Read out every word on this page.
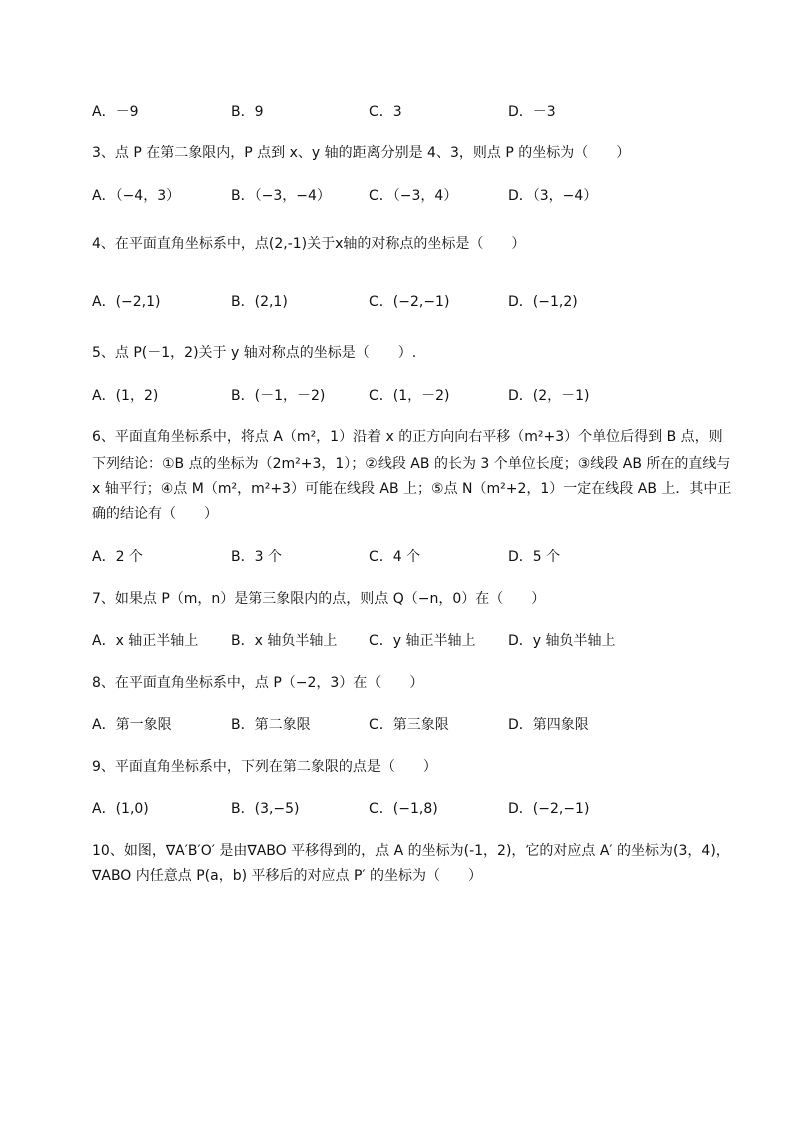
A．－9	B．9	C．3	D．－3
3、点 P 在第二象限内，P 点到 x、y 轴的距离分别是 4、3，则点 P 的坐标为（　　）
A．（−4，3）	B．（−3，−4）	C．（−3，4）	D．（3，−4）
4、在平面直角坐标系中，点(2,-1)关于x轴的对称点的坐标是（　　）
A．(−2,1)	B．(2,1)	C．(−2,−1)	D．(−1,2)
5、点 P(－1，2)关于 y 轴对称点的坐标是（　　）.
A．(1，2)	B．(－1，－2)	C．(1，－2)	D．(2，－1)
6、平面直角坐标系中，将点 A（m²，1）沿着 x 的正方向向右平移（m²+3）个单位后得到 B 点，则
下列结论：①B 点的坐标为（2m²+3，1）；②线段 AB 的长为 3 个单位长度；③线段 AB 所在的直线与
x 轴平行；④点 M（m²，m²+3）可能在线段 AB 上；⑤点 N（m²+2，1）一定在线段 AB 上．其中正
确的结论有（　　）
A．2 个	B．3 个	C．4 个	D．5 个
7、如果点 P（m，n）是第三象限内的点，则点 Q（−n，0）在（　　）
A．x 轴正半轴上 B．x 轴负半轴上 C．y 轴正半轴上 D．y 轴负半轴上
8、在平面直角坐标系中，点 P（−2，3）在（　　）
A．第一象限	B．第二象限	C．第三象限	D．第四象限
9、平面直角坐标系中，下列在第二象限的点是（　　）
A．(1,0)	B．(3,−5)	C．(−1,8)	D．(−2,−1)
10、如图，∇A′B′O′ 是由∇ABO 平移得到的，点 A 的坐标为(-1，2)，它的对应点 A′ 的坐标为(3，4)，
∇ABO 内任意点 P(a，b) 平移后的对应点 P′ 的坐标为（　　）
